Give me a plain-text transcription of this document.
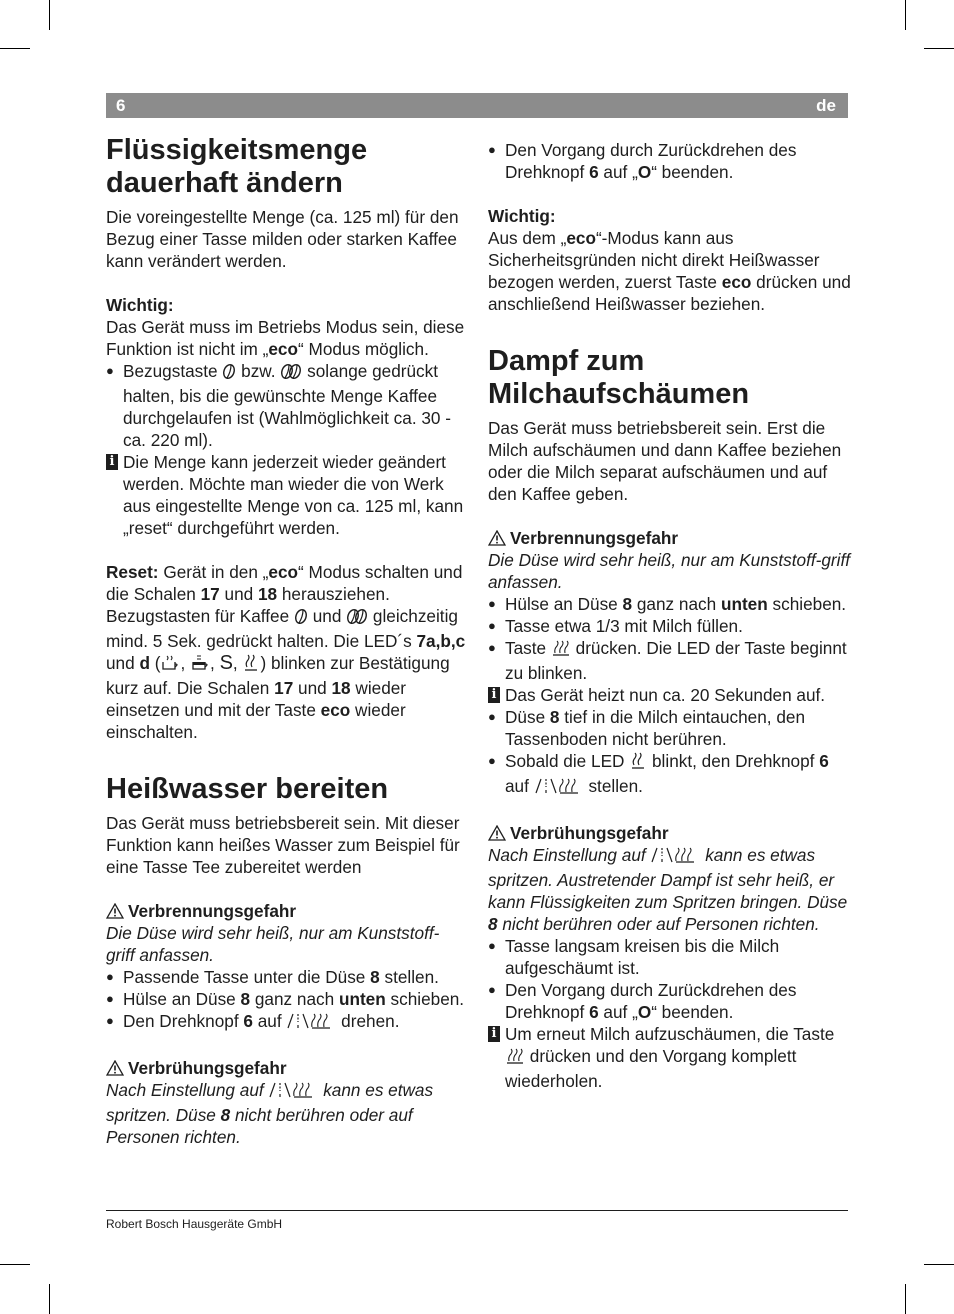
6	de
Flüssigkeitsmenge dauerhaft ändern

Die voreingestellte Menge (ca. 125 ml) für den Bezug einer Tasse milden oder starken Kaffee kann verändert werden.

Wichtig:

Das Gerät muss im Betriebs Modus sein, diese Funktion ist nicht im „eco“ Modus möglich.

● Bezugstaste  bzw.  solange gedrückt halten, bis die gewünschte Menge Kaffee durchgelaufen ist (Wahlmöglichkeit ca. 30 - ca. 220 ml).
i Die Menge kann jederzeit wieder geändert werden. Möchte man wieder die von Werk aus eingestellte Menge von ca. 125 ml, kann „reset“ durchgeführt werden.

Reset: Gerät in den „eco“ Modus schalten und die Schalen 17 und 18 herausziehen. Bezugstasten für Kaffee  und  gleichzeitig mind. 5 Sek. gedrückt halten. Die LED´s 7a,b,c und d ( , , S, ) blinken zur Bestätigung kurz auf. Die Schalen 17 und 18 wieder einsetzen und mit der Taste eco wieder einschalten.

Heißwasser bereiten

Das Gerät muss betriebsbereit sein. Mit dieser Funktion kann heißes Wasser zum Beispiel für eine Tasse Tee zubereitet werden

Verbrennungsgefahr

Die Düse wird sehr heiß, nur am Kunststoff-griff anfassen.

● Passende Tasse unter die Düse 8 stellen.
● Hülse an Düse 8 ganz nach unten schieben.
● Den Drehknopf 6 auf	drehen.

Verbrühungsgefahr

Nach Einstellung auf	kann es etwas spritzen. Düse 8 nicht berühren oder auf Personen richten.

● Den Vorgang durch Zurückdrehen des Drehknopf 6 auf „O“ beenden.

Wichtig:

Aus dem „eco“-Modus kann aus Sicherheitsgründen nicht direkt Heißwasser bezogen werden, zuerst Taste eco drücken und anschließend Heißwasser beziehen.

Dampf zum Milchaufschäumen

Das Gerät muss betriebsbereit sein. Erst die Milch aufschäumen und dann Kaffee beziehen oder die Milch separat aufschäumen und auf den Kaffee geben.

Verbrennungsgefahr

Die Düse wird sehr heiß, nur am Kunststoff-griff anfassen.

● Hülse an Düse 8 ganz nach unten schieben.
● Tasse etwa 1/3 mit Milch füllen.
● Taste  drücken. Die LED der Taste beginnt zu blinken.
i Das Gerät heizt nun ca. 20 Sekunden auf.
● Düse 8 tief in die Milch eintauchen, den Tassenboden nicht berühren.
● Sobald die LED  blinkt, den Drehknopf 6 auf	stellen.

Verbrühungsgefahr

Nach Einstellung auf	kann es etwas spritzen. Austretender Dampf ist sehr heiß, er kann Flüssigkeiten zum Spritzen bringen. Düse 8 nicht berühren oder auf Personen richten.

● Tasse langsam kreisen bis die Milch aufgeschäumt ist.
● Den Vorgang durch Zurückdrehen des Drehknopf 6 auf „O“ beenden.
i Um erneut Milch aufzuschäumen, die Taste  drücken und den Vorgang komplett wiederholen.
Robert Bosch Hausgeräte GmbH
